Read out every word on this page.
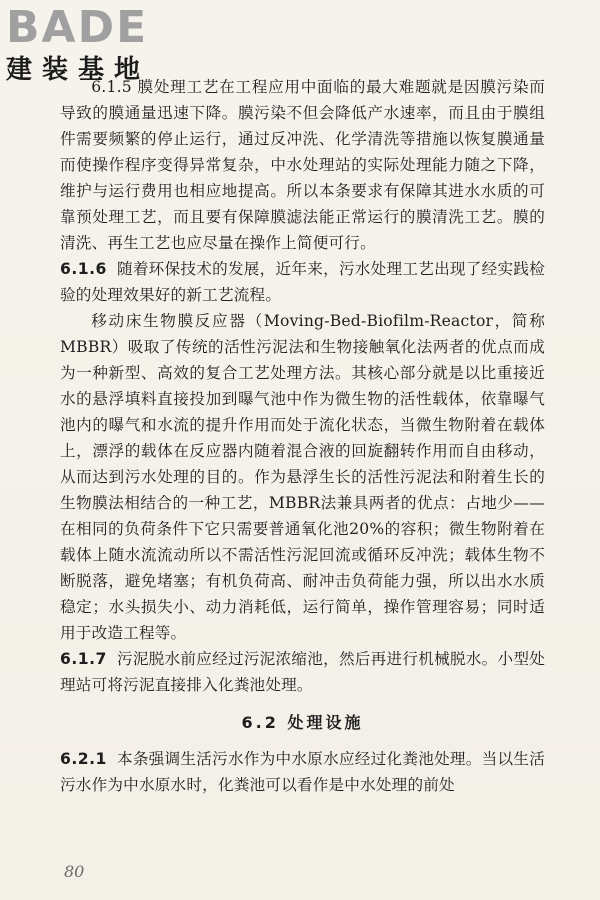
BADE
建装基地

6.1.5 膜处理工艺在工程应用中面临的最大难题就是因膜污染而导致的膜通量迅速下降。膜污染不但会降低产水速率，而且由于膜组件需要频繁的停止运行，通过反冲洗、化学清洗等措施以恢复膜通量而使操作程序变得异常复杂，中水处理站的实际处理能力随之下降，维护与运行费用也相应地提高。所以本条要求有保障其进水水质的可靠预处理工艺，而且要有保障膜滤法能正常运行的膜清洗工艺。膜的清洗、再生工艺也应尽量在操作上简便可行。

6.1.6 随着环保技术的发展，近年来，污水处理工艺出现了经实践检验的处理效果好的新工艺流程。

移动床生物膜反应器（Moving-Bed-Biofilm-Reactor，简称MBBR）吸取了传统的活性污泥法和生物接触氧化法两者的优点而成为一种新型、高效的复合工艺处理方法。其核心部分就是以比重接近水的悬浮填料直接投加到曝气池中作为微生物的活性载体，依靠曝气池内的曝气和水流的提升作用而处于流化状态，当微生物附着在载体上，漂浮的载体在反应器内随着混合液的回旋翻转作用而自由移动，从而达到污水处理的目的。作为悬浮生长的活性污泥法和附着生长的生物膜法相结合的一种工艺，MBBR法兼具两者的优点：占地少——在相同的负荷条件下它只需要普通氧化池20%的容积；微生物附着在载体上随水流流动所以不需活性污泥回流或循环反冲洗；载体生物不断脱落，避免堵塞；有机负荷高、耐冲击负荷能力强，所以出水水质稳定；水头损失小、动力消耗低，运行简单，操作管理容易；同时适用于改造工程等。

6.1.7 污泥脱水前应经过污泥浓缩池，然后再进行机械脱水。小型处理站可将污泥直接排入化粪池处理。

6.2 处理设施

6.2.1 本条强调生活污水作为中水原水应经过化粪池处理。当以生活污水作为中水原水时，化粪池可以看作是中水处理的前处

80
